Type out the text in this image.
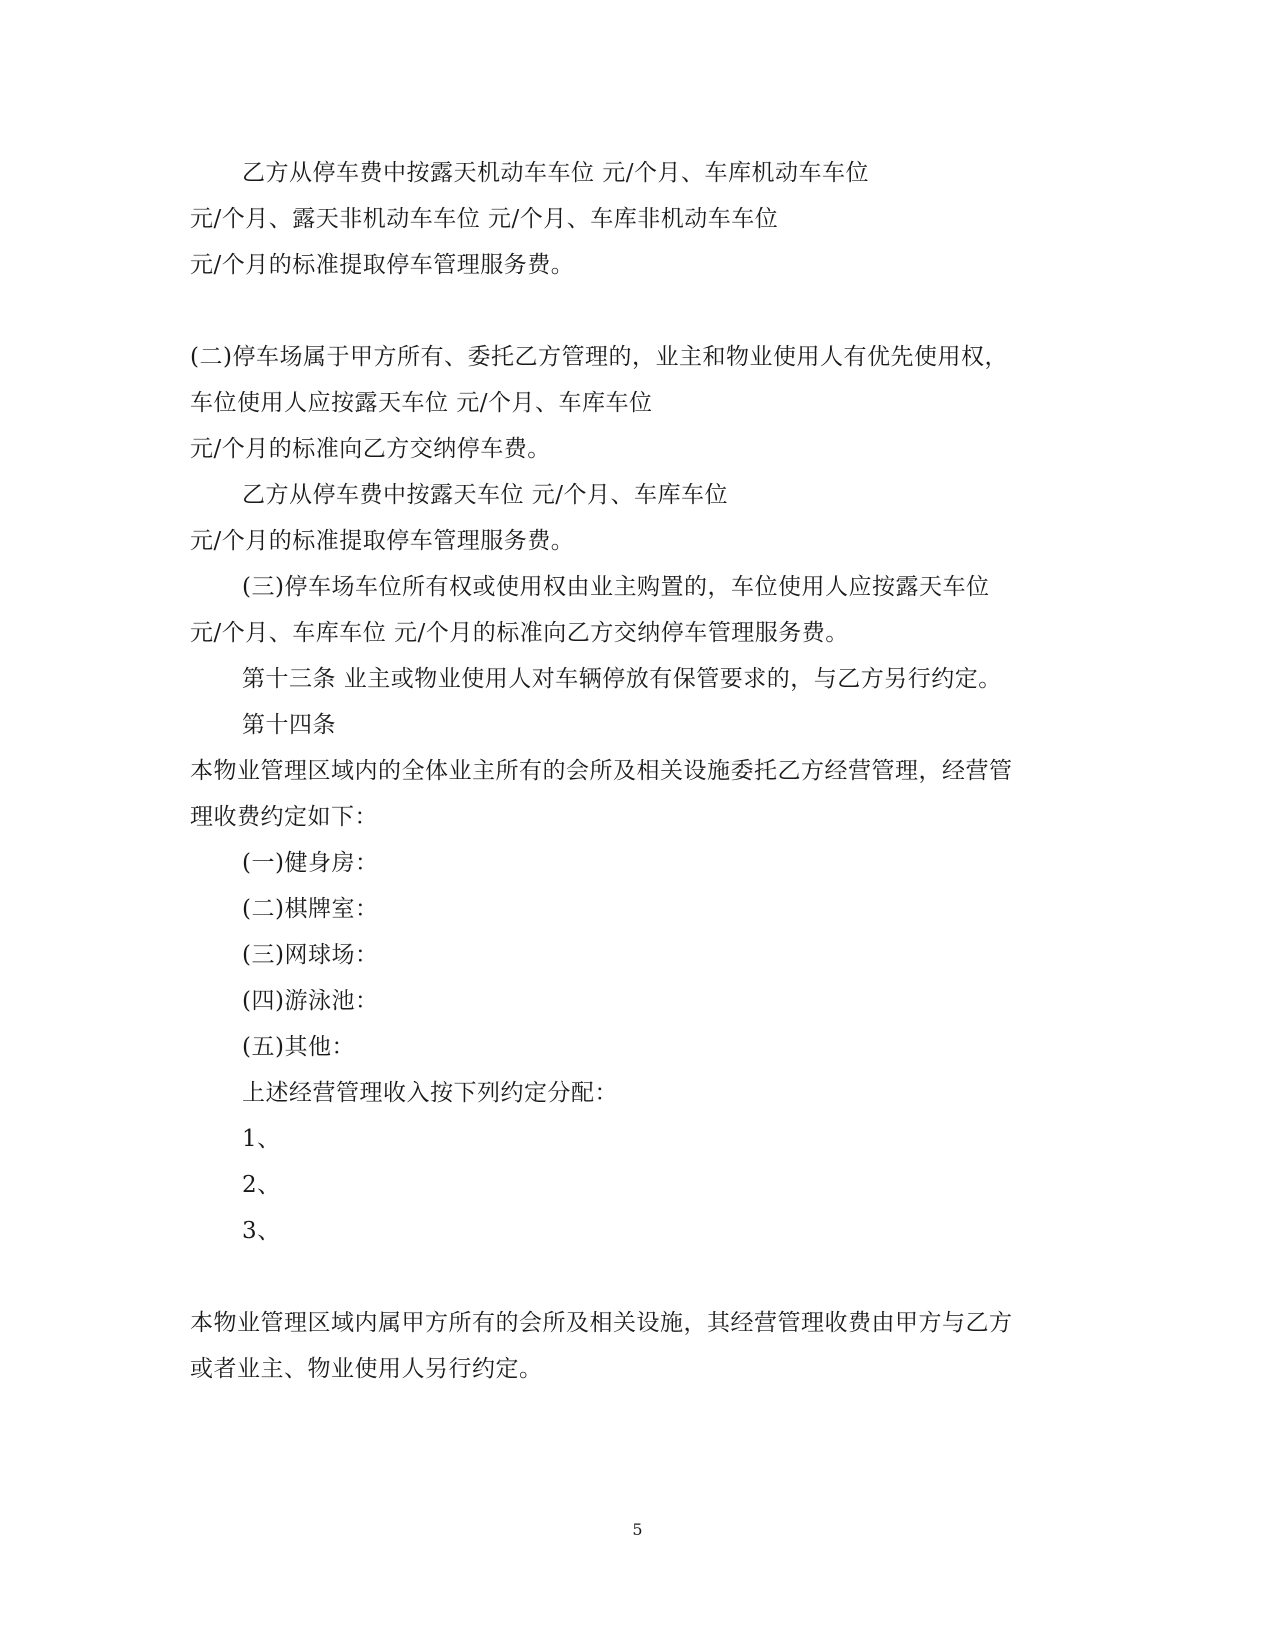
乙方从停车费中按露天机动车车位 元/个月、车库机动车车位
元/个月、露天非机动车车位 元/个月、车库非机动车车位
元/个月的标准提取停车管理服务费。
(二)停车场属于甲方所有、委托乙方管理的，业主和物业使用人有优先使用权，
车位使用人应按露天车位 元/个月、车库车位
元/个月的标准向乙方交纳停车费。
乙方从停车费中按露天车位 元/个月、车库车位
元/个月的标准提取停车管理服务费。
(三)停车场车位所有权或使用权由业主购置的，车位使用人应按露天车位
元/个月、车库车位 元/个月的标准向乙方交纳停车管理服务费。
第十三条 业主或物业使用人对车辆停放有保管要求的，与乙方另行约定。
第十四条
本物业管理区域内的全体业主所有的会所及相关设施委托乙方经营管理，经营管
理收费约定如下：
(一)健身房：
(二)棋牌室：
(三)网球场：
(四)游泳池：
(五)其他：
上述经营管理收入按下列约定分配：
1、
2、
3、
本物业管理区域内属甲方所有的会所及相关设施，其经营管理收费由甲方与乙方
或者业主、物业使用人另行约定。
5
